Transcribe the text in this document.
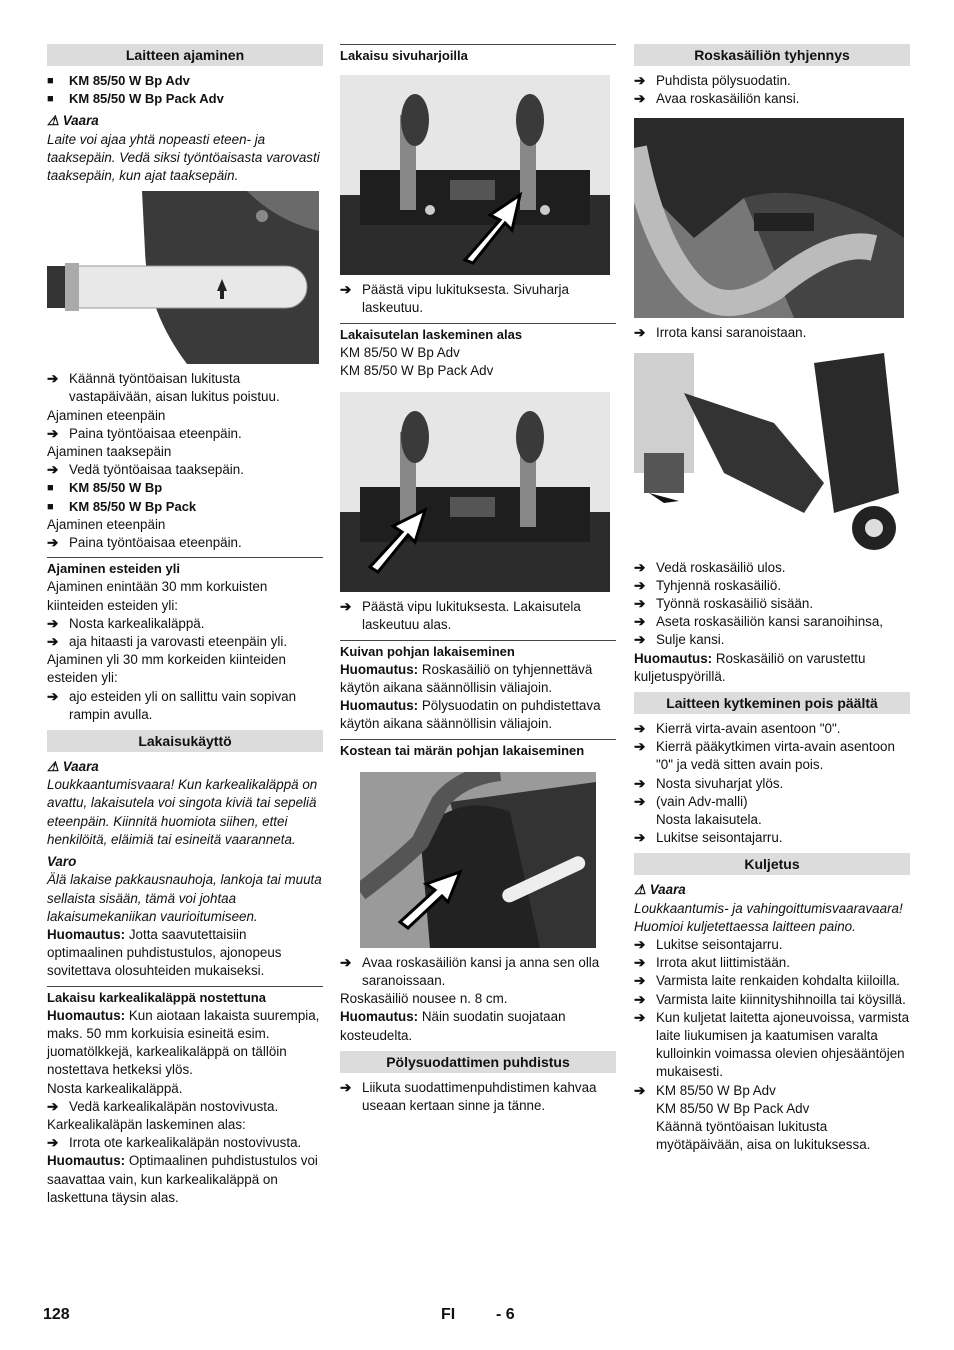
Laitteen ajaminen
■	KM 85/50 W Bp Adv
■	KM 85/50 W Bp Pack Adv
⚠ Vaara
Laite voi ajaa yhtä nopeasti eteen- ja taaksepäin. Vedä siksi työntöaisasta varovasti taaksepäin, kun ajat taaksepäin.
➔ Käännä työntöaisan lukitusta vastapäivään, aisan lukitus poistuu.
Ajaminen eteenpäin
➔ Paina työntöaisaa eteenpäin.
Ajaminen taaksepäin
➔ Vedä työntöaisaa taaksepäin.
■	KM 85/50 W Bp
■	KM 85/50 W Bp Pack
Ajaminen eteenpäin
➔ Paina työntöaisaa eteenpäin.
Ajaminen esteiden yli
Ajaminen enintään 30 mm korkuisten kiinteiden esteiden yli:
➔ Nosta karkealikaläppä.
➔ aja hitaasti ja varovasti eteenpäin yli.
Ajaminen yli 30 mm korkeiden kiinteiden esteiden yli:
➔ ajo esteiden yli on sallittu vain sopivan rampin avulla.
Lakaisukäyttö
⚠ Vaara
Loukkaantumisvaara! Kun karkealikaläppä on avattu, lakaisutela voi singota kiviä tai sepeliä eteenpäin. Kiinnitä huomiota siihen, ettei henkilöitä, eläimiä tai esineitä vaaranneta.
Varo
Älä lakaise pakkausnauhoja, lankoja tai muuta sellaista sisään, tämä voi johtaa lakaisumekaniikan vaurioitumiseen.
Huomautus: Jotta saavutettaisiin optimaalinen puhdistustulos, ajonopeus sovitettava olosuhteiden mukaiseksi.
Lakaisu karkealikaläppä nostettuna
Huomautus: Kun aiotaan lakaista suurempia, maks. 50 mm korkuisia esineitä esim. juomatölkkejä, karkealikaläppä on tällöin nostettava hetkeksi ylös.
Nosta karkealikaläppä.
➔ Vedä karkealikaläpän nostovivusta.
Karkealikaläpän laskeminen alas:
➔ Irrota ote karkealikaläpän nostovivusta.
Huomautus: Optimaalinen puhdistustulos voi saavattaa vain, kun karkealikaläppä on laskettuna täysin alas.
Lakaisu sivuharjoilla
➔ Päästä vipu lukituksesta. Sivuharja laskeutuu.
Lakaisutelan laskeminen alas
KM 85/50 W Bp Adv
KM 85/50 W Bp Pack Adv
➔ Päästä vipu lukituksesta. Lakaisutela laskeutuu alas.
Kuivan pohjan lakaiseminen
Huomautus: Roskasäiliö on tyhjennettävä käytön aikana säännöllisin väliajoin.
Huomautus: Pölysuodatin on puhdistettava käytön aikana säännöllisin väliajoin.
Kostean tai märän pohjan lakaiseminen
➔ Avaa roskasäiliön kansi ja anna sen olla saranoissaan.
Roskasäiliö nousee n. 8 cm.
Huomautus: Näin suodatin suojataan kosteudelta.
Pölysuodattimen puhdistus
➔ Liikuta suodattimenpuhdistimen kahvaa useaan kertaan sinne ja tänne.
Roskasäiliön tyhjennys
➔ Puhdista pölysuodatin.
➔ Avaa roskasäiliön kansi.
➔ Irrota kansi saranoistaan.
➔ Vedä roskasäiliö ulos.
➔ Tyhjennä roskasäiliö.
➔ Työnnä roskasäiliö sisään.
➔ Aseta roskasäiliön kansi saranoihinsa,
➔ Sulje kansi.
Huomautus: Roskasäiliö on varustettu kuljetuspyörillä.
Laitteen kytkeminen pois päältä
➔ Kierrä virta-avain asentoon "0".
➔ Kierrä pääkytkimen virta-avain asentoon "0" ja vedä sitten avain pois.
➔ Nosta sivuharjat ylös.
➔ (vain Adv-malli)
Nosta lakaisutela.
➔ Lukitse seisontajarru.
Kuljetus
⚠ Vaara
Loukkaantumis- ja vahingoittumisvaaravaara! Huomioi kuljetettaessa laitteen paino.
➔ Lukitse seisontajarru.
➔ Irrota akut liittimistään.
➔ Varmista laite renkaiden kohdalta kiiloilla.
➔ Varmista laite kiinnityshihnoilla tai köysillä.
➔ Kun kuljetat laitetta ajoneuvoissa, varmista laite liukumisen ja kaatumisen varalta kulloinkin voimassa olevien ohjesääntöjen mukaisesti.
➔ KM 85/50 W Bp Adv
KM 85/50 W Bp Pack Adv
Käännä työntöaisan lukitusta myötäpäivään, aisa on lukituksessa.
128	FI	- 6
